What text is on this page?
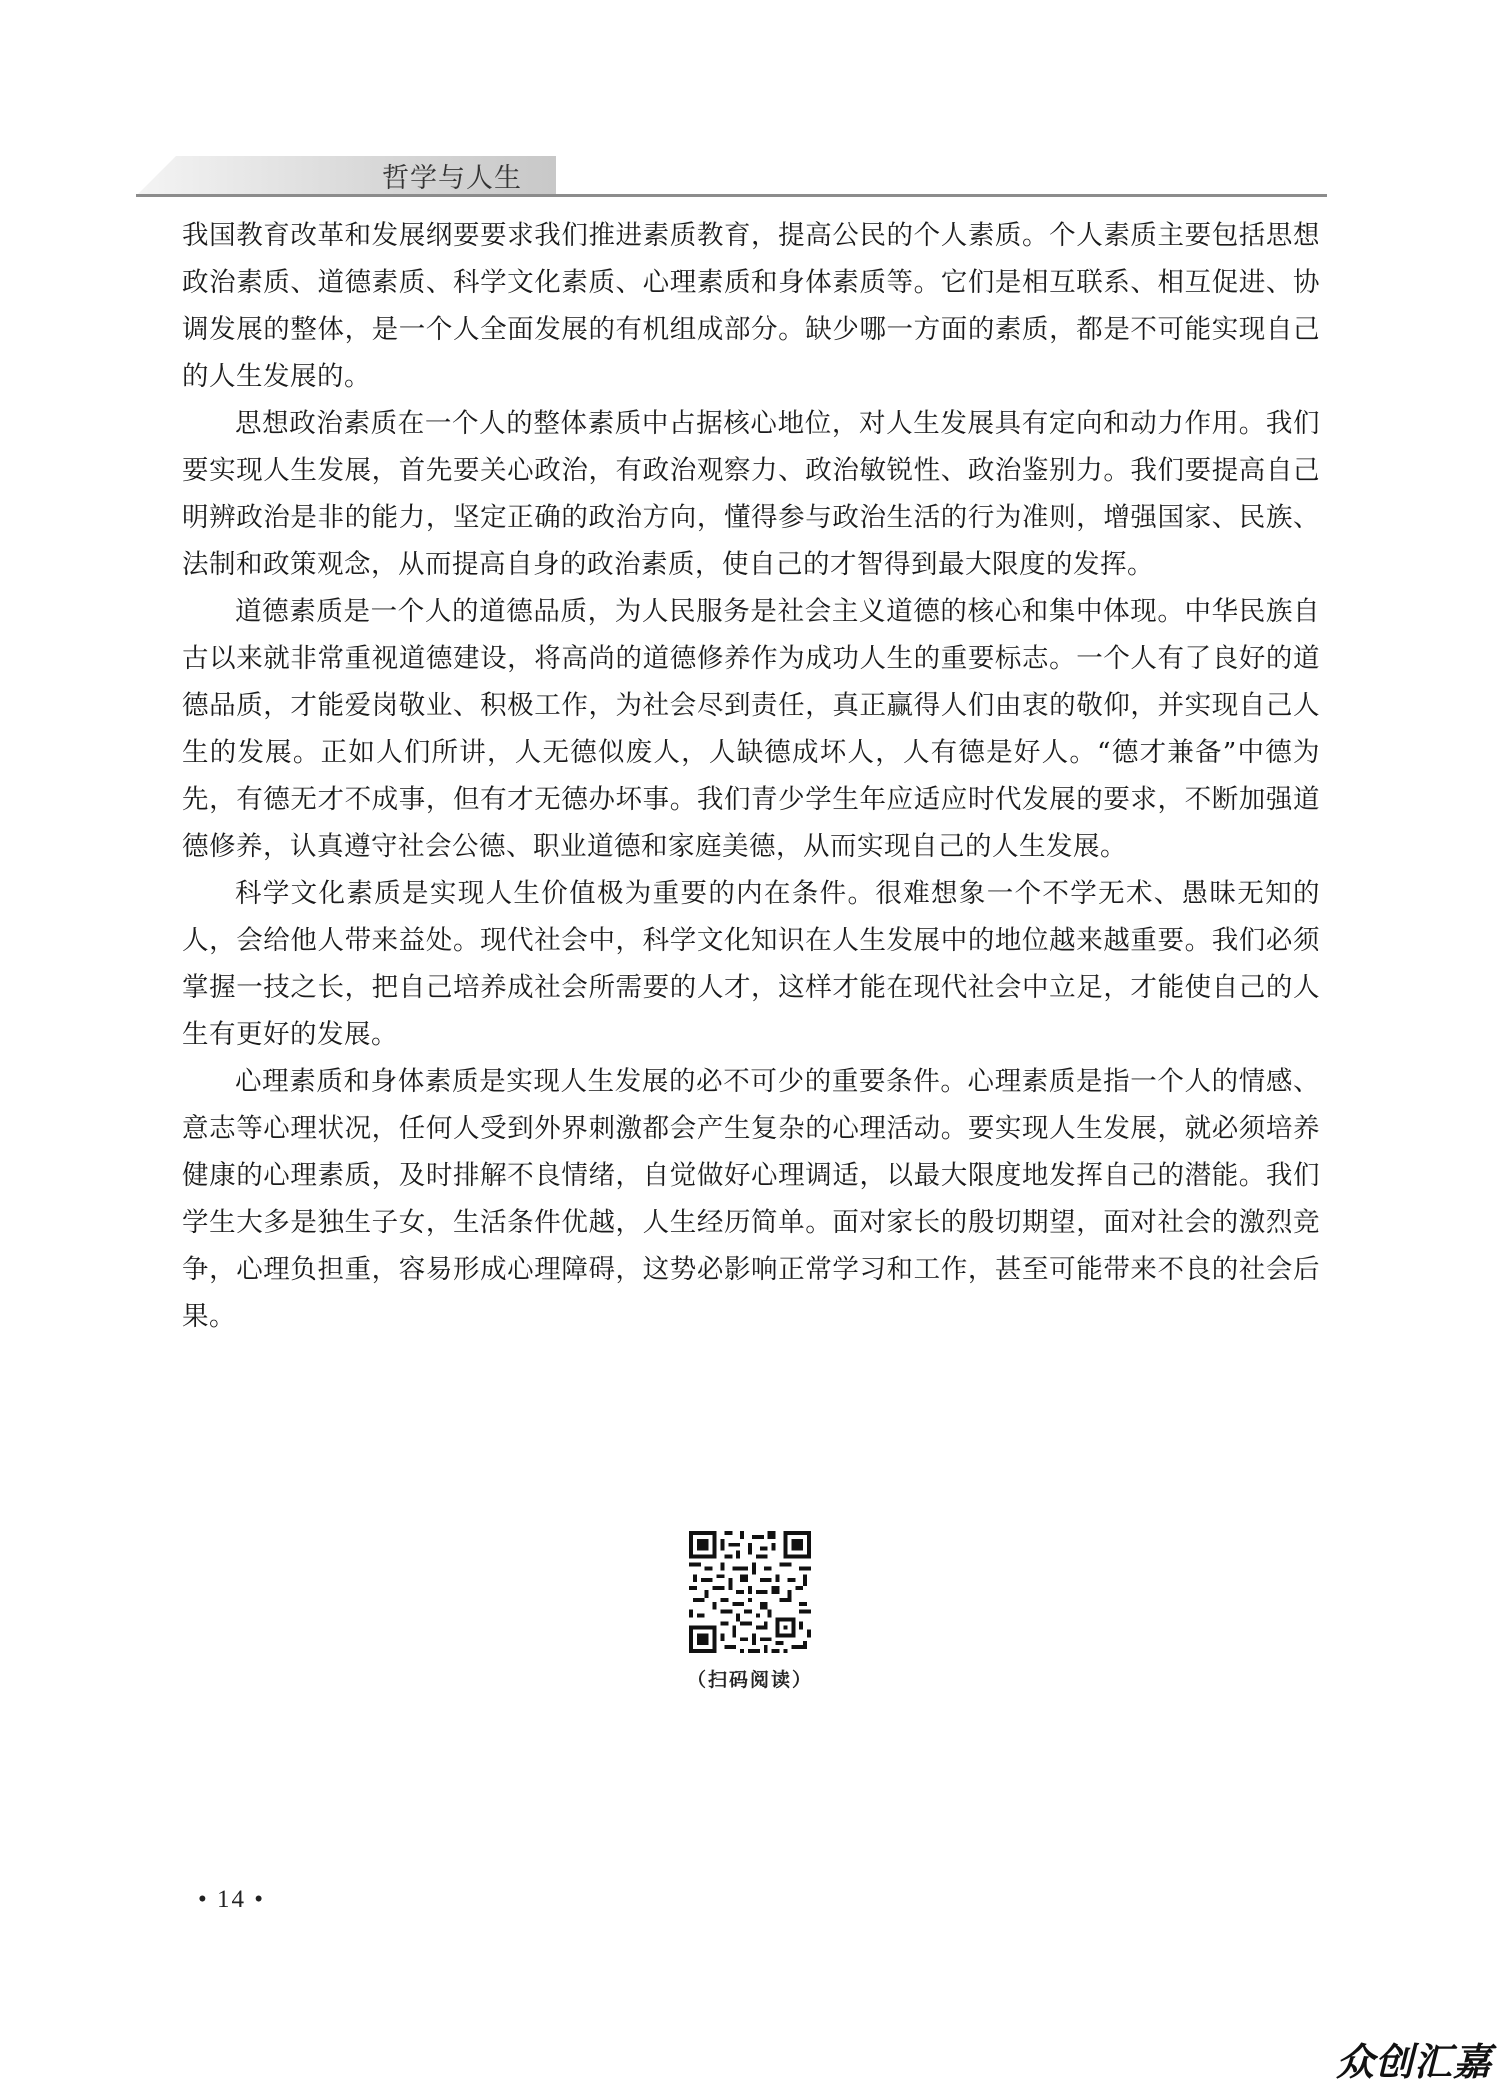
哲学与人生

我国教育改革和发展纲要要求我们推进素质教育，提高公民的个人素质。个人素质主要包括思想政治素质、道德素质、科学文化素质、心理素质和身体素质等。它们是相互联系、相互促进、协调发展的整体，是一个人全面发展的有机组成部分。缺少哪一方面的素质，都是不可能实现自己的人生发展的。

思想政治素质在一个人的整体素质中占据核心地位，对人生发展具有定向和动力作用。我们要实现人生发展，首先要关心政治，有政治观察力、政治敏锐性、政治鉴别力。我们要提高自己明辨政治是非的能力，坚定正确的政治方向，懂得参与政治生活的行为准则，增强国家、民族、法制和政策观念，从而提高自身的政治素质，使自己的才智得到最大限度的发挥。

道德素质是一个人的道德品质，为人民服务是社会主义道德的核心和集中体现。中华民族自古以来就非常重视道德建设，将高尚的道德修养作为成功人生的重要标志。一个人有了良好的道德品质，才能爱岗敬业、积极工作，为社会尽到责任，真正赢得人们由衷的敬仰，并实现自己人生的发展。正如人们所讲，人无德似废人，人缺德成坏人，人有德是好人。“德才兼备”中德为先，有德无才不成事，但有才无德办坏事。我们青少学生年应适应时代发展的要求，不断加强道德修养，认真遵守社会公德、职业道德和家庭美德，从而实现自己的人生发展。

科学文化素质是实现人生价值极为重要的内在条件。很难想象一个不学无术、愚昧无知的人，会给他人带来益处。现代社会中，科学文化知识在人生发展中的地位越来越重要。我们必须掌握一技之长，把自己培养成社会所需要的人才，这样才能在现代社会中立足，才能使自己的人生有更好的发展。

心理素质和身体素质是实现人生发展的必不可少的重要条件。心理素质是指一个人的情感、意志等心理状况，任何人受到外界刺激都会产生复杂的心理活动。要实现人生发展，就必须培养健康的心理素质，及时排解不良情绪，自觉做好心理调适，以最大限度地发挥自己的潜能。我们学生大多是独生子女，生活条件优越，人生经历简单。面对家长的殷切期望，面对社会的激烈竞争，心理负担重，容易形成心理障碍，这势必影响正常学习和工作，甚至可能带来不良的社会后果。

（扫码阅读）
• 14 •
众创汇嘉
